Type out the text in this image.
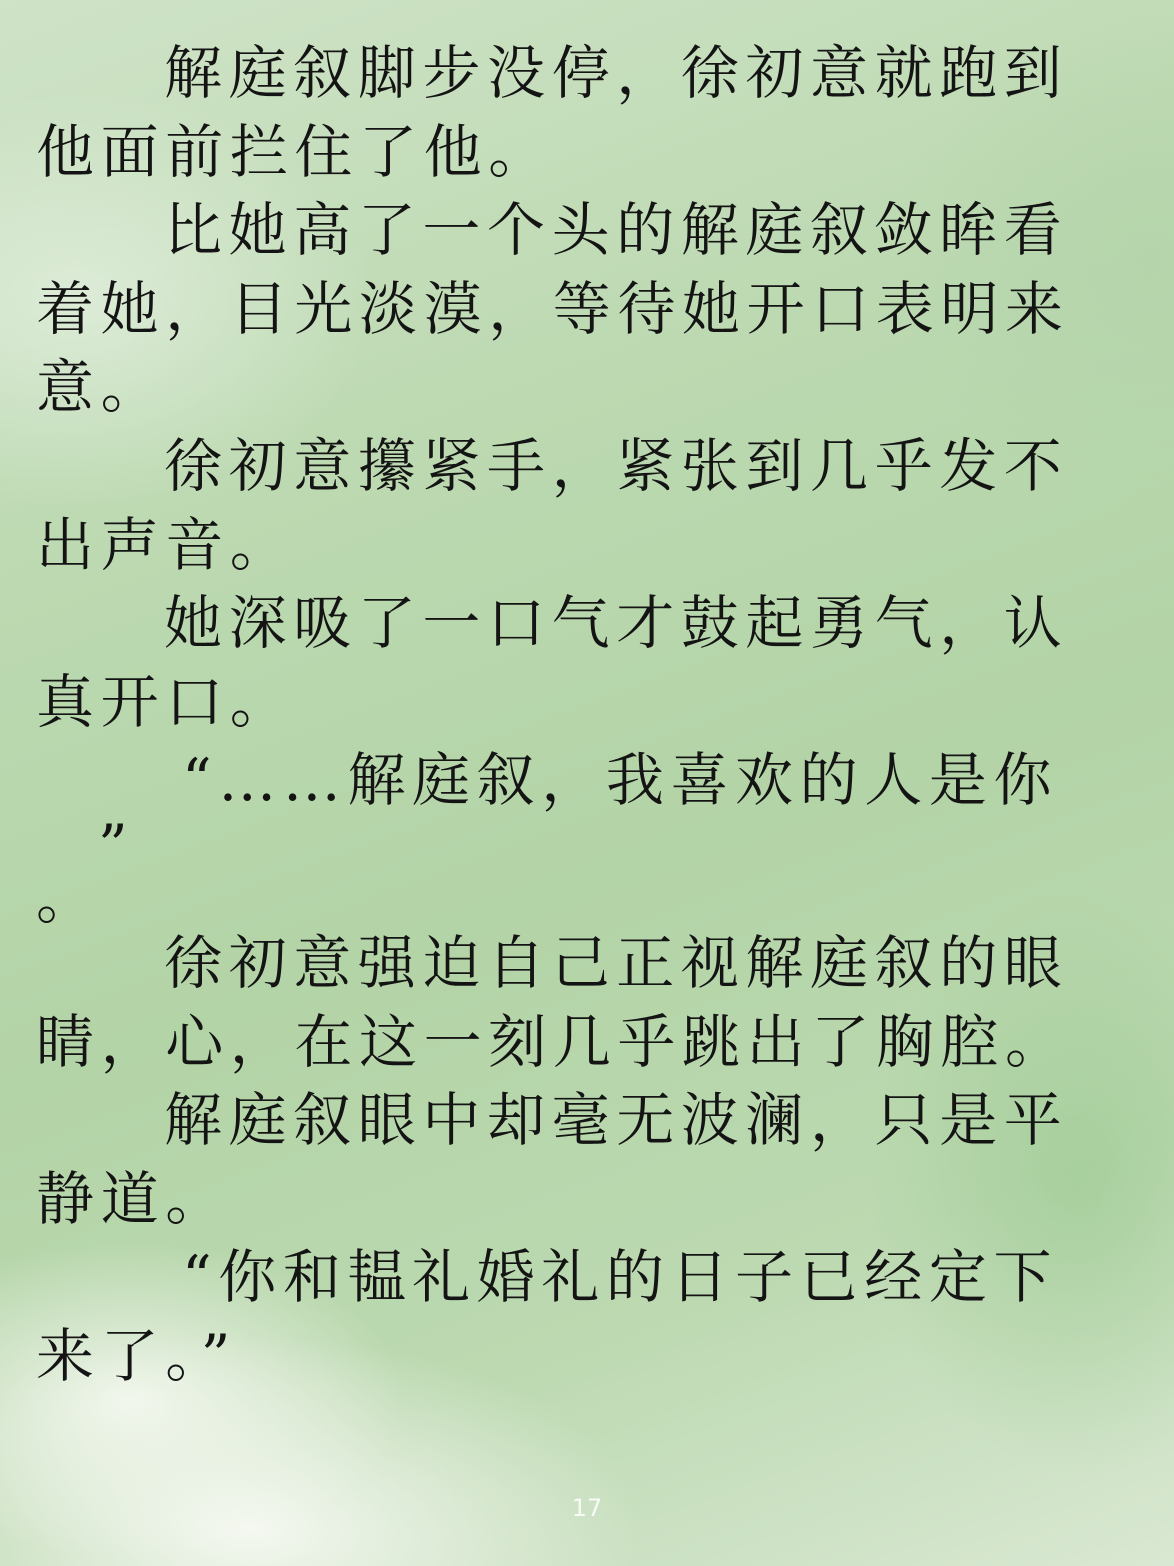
解庭叙脚步没停，徐初意就跑到
他面前拦住了他。
比她高了一个头的解庭叙敛眸看
着她，目光淡漠，等待她开口表明来
意。
徐初意攥紧手，紧张到几乎发不
出声音。
她深吸了一口气才鼓起勇气，认
真开口。
“……解庭叙，我喜欢的人是你
”
。
徐初意强迫自己正视解庭叙的眼
睛，心，在这一刻几乎跳出了胸腔。
解庭叙眼中却毫无波澜，只是平
静道。
“你和韫礼婚礼的日子已经定下
来了。”
17
